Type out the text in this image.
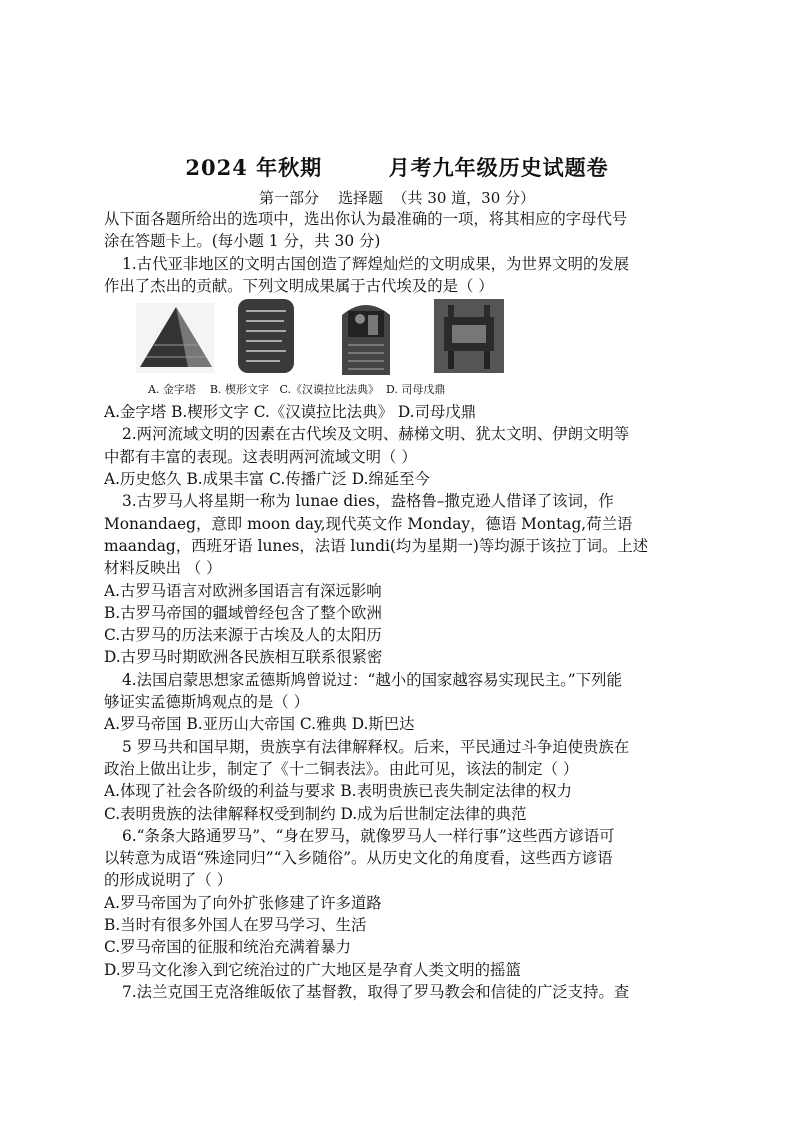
2024 年秋期        月考九年级历史试题卷
第一部分    选择题  （共 30 道，30 分）

从下面各题所给出的选项中，选出你认为最准确的一项，将其相应的字母代号

涂在答题卡上。(每小题 1 分，共 30 分)

1.古代亚非地区的文明古国创造了辉煌灿烂的文明成果，为世界文明的发展

作出了杰出的贡献。下列文明成果属于古代埃及的是（ ）

A. 金字塔    B. 楔形文字   C.《汉谟拉比法典》  D. 司母戊鼎

A.金字塔 B.楔形文字 C.《汉谟拉比法典》 D.司母戊鼎

2.两河流域文明的因素在古代埃及文明、赫梯文明、犹太文明、伊朗文明等

中都有丰富的表现。这表明两河流域文明（ ）

A.历史悠久 B.成果丰富 C.传播广泛 D.绵延至今

3.古罗马人将星期一称为 lunae dies，盎格鲁–撒克逊人借译了该词，作

Monandaeg，意即 moon day,现代英文作 Monday，德语 Montag,荷兰语

maandag，西班牙语 lunes，法语 lundi(均为星期一)等均源于该拉丁词。上述

材料反映出 （ ）

A.古罗马语言对欧洲多国语言有深远影响

B.古罗马帝国的疆域曾经包含了整个欧洲

C.古罗马的历法来源于古埃及人的太阳历

D.古罗马时期欧洲各民族相互联系很紧密

4.法国启蒙思想家孟德斯鸠曾说过：“越小的国家越容易实现民主。”下列能

够证实孟德斯鸠观点的是（ ）

A.罗马帝国 B.亚历山大帝国 C.雅典 D.斯巴达

5 罗马共和国早期，贵族享有法律解释权。后来，平民通过斗争迫使贵族在

政治上做出让步，制定了《十二铜表法》。由此可见，该法的制定（ ）

A.体现了社会各阶级的利益与要求 B.表明贵族已丧失制定法律的权力

C.表明贵族的法律解释权受到制约 D.成为后世制定法律的典范

6.“条条大路通罗马”、“身在罗马，就像罗马人一样行事”这些西方谚语可

以转意为成语“殊途同归”“入乡随俗”。从历史文化的角度看，这些西方谚语

的形成说明了（ ）

A.罗马帝国为了向外扩张修建了许多道路

B.当时有很多外国人在罗马学习、生活

C.罗马帝国的征服和统治充满着暴力

D.罗马文化渗入到它统治过的广大地区是孕育人类文明的摇篮

7.法兰克国王克洛维皈依了基督教，取得了罗马教会和信徒的广泛支持。查
